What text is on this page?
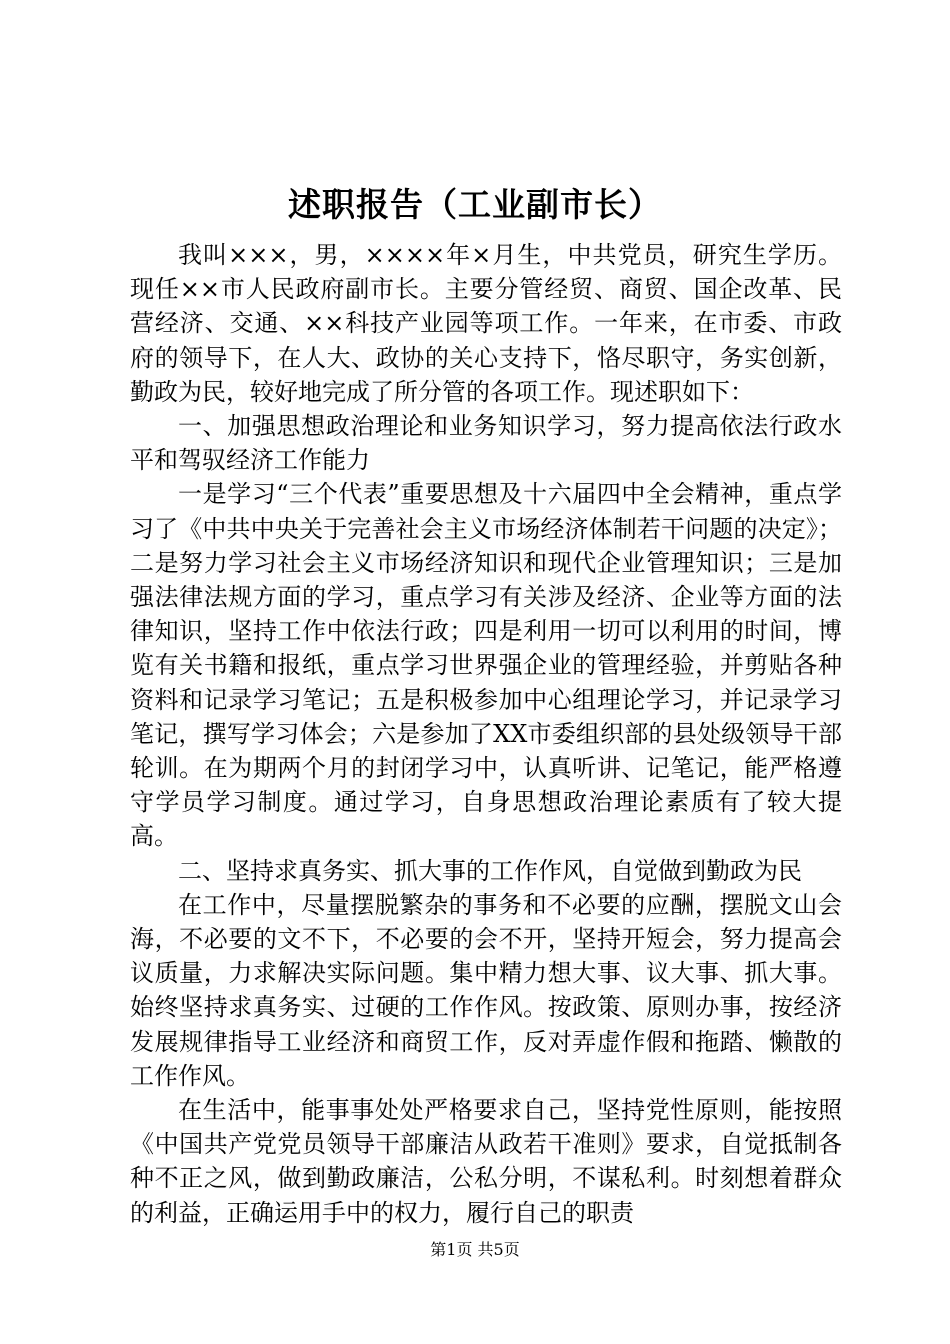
述职报告（工业副市长）

我叫×××，男，××××年×月生，中共党员，研究生学历。现任××市人民政府副市长。主要分管经贸、商贸、国企改革、民营经济、交通、××科技产业园等项工作。一年来，在市委、市政府的领导下，在人大、政协的关心支持下，恪尽职守，务实创新，勤政为民，较好地完成了所分管的各项工作。现述职如下：

一、加强思想政治理论和业务知识学习，努力提高依法行政水平和驾驭经济工作能力

一是学习“三个代表”重要思想及十六届四中全会精神，重点学习了《中共中央关于完善社会主义市场经济体制若干问题的决定》；二是努力学习社会主义市场经济知识和现代企业管理知识；三是加强法律法规方面的学习，重点学习有关涉及经济、企业等方面的法律知识，坚持工作中依法行政；四是利用一切可以利用的时间，博览有关书籍和报纸，重点学习世界强企业的管理经验，并剪贴各种资料和记录学习笔记；五是积极参加中心组理论学习，并记录学习笔记，撰写学习体会；六是参加了XX市委组织部的县处级领导干部轮训。在为期两个月的封闭学习中，认真听讲、记笔记，能严格遵守学员学习制度。通过学习，自身思想政治理论素质有了较大提高。

二、坚持求真务实、抓大事的工作作风，自觉做到勤政为民

在工作中，尽量摆脱繁杂的事务和不必要的应酬，摆脱文山会海，不必要的文不下，不必要的会不开，坚持开短会，努力提高会议质量，力求解决实际问题。集中精力想大事、议大事、抓大事。始终坚持求真务实、过硬的工作作风。按政策、原则办事，按经济发展规律指导工业经济和商贸工作，反对弄虚作假和拖踏、懒散的工作作风。

在生活中，能事事处处严格要求自己，坚持党性原则，能按照《中国共产党党员领导干部廉洁从政若干准则》要求，自觉抵制各种不正之风，做到勤政廉洁，公私分明，不谋私利。时刻想着群众的利益，正确运用手中的权力，履行自己的职责

第1页 共5页
